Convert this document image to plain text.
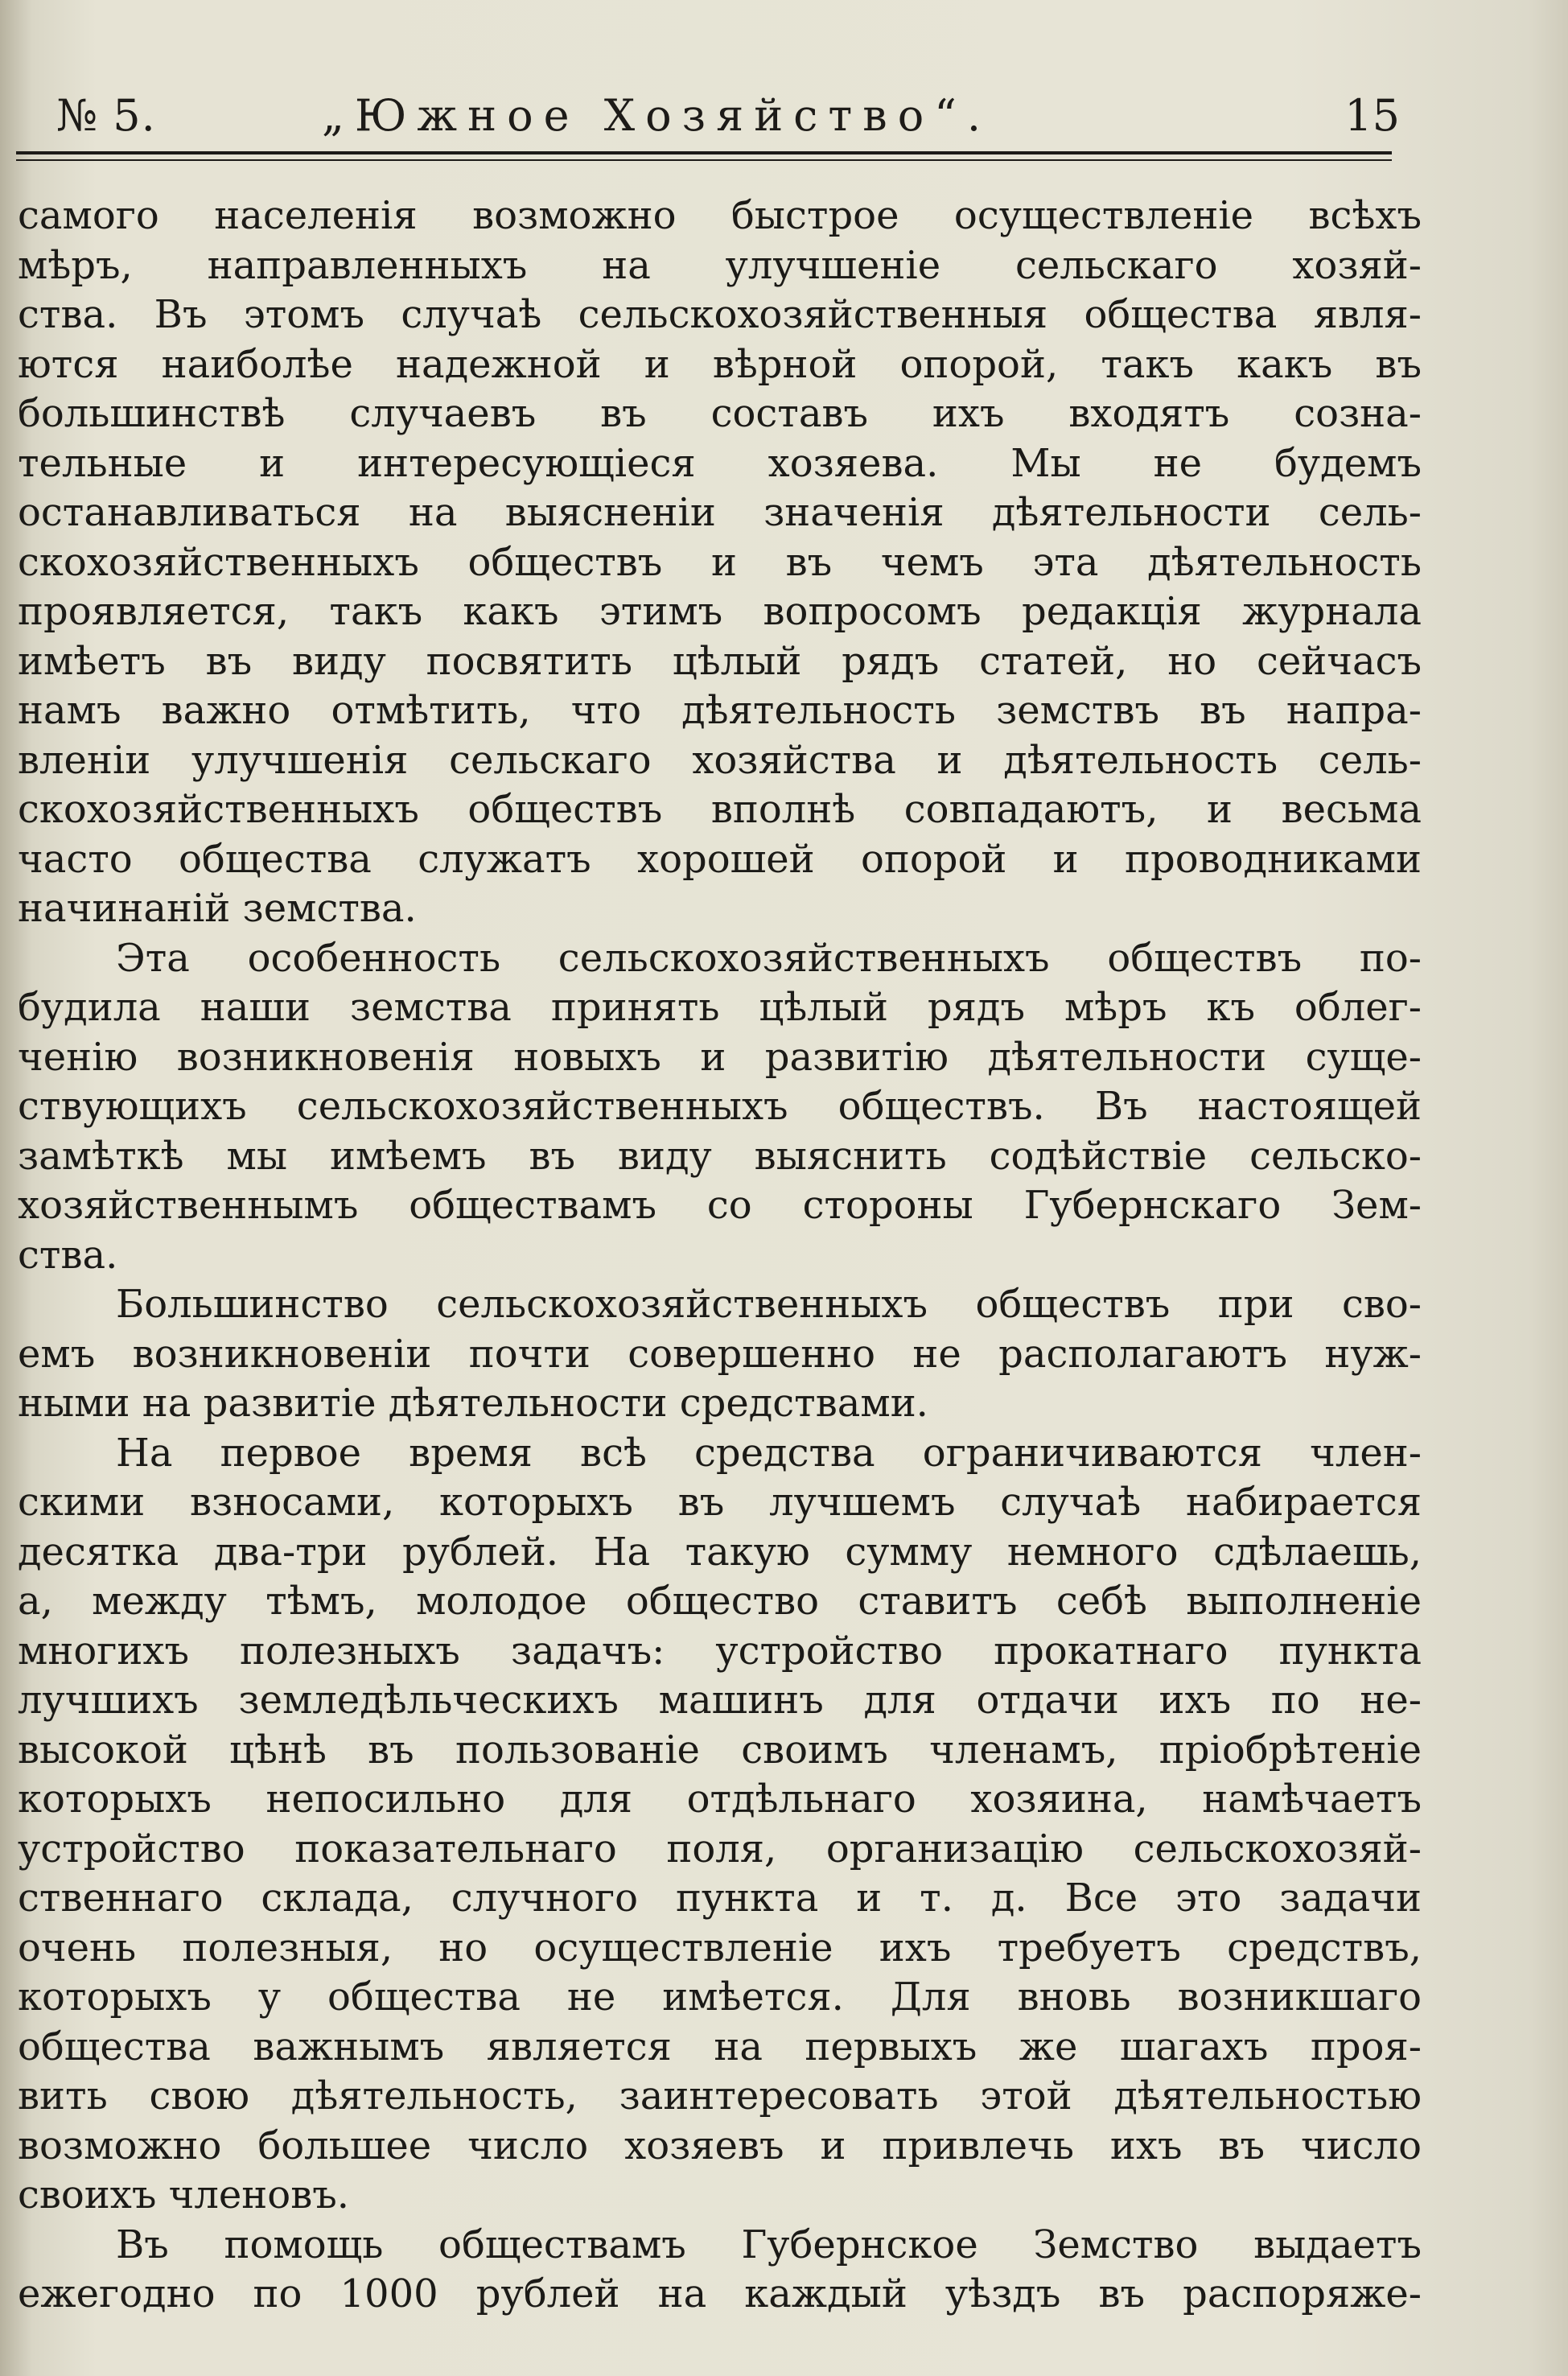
№ 5.	„Южное Хозяйство“.	15
самого населенія возможно быстрое осуществленіе всѣхъ
мѣръ, направленныхъ на улучшеніе сельскаго хозяй-
ства. Въ этомъ случаѣ сельскохозяйственныя общества явля-
ются наиболѣе надежной и вѣрной опорой, такъ какъ въ
большинствѣ случаевъ въ составъ ихъ входятъ созна-
тельные и интересующіеся хозяева. Мы не будемъ
останавливаться на выясненіи значенія дѣятельности сель-
скохозяйственныхъ обществъ и въ чемъ эта дѣятельность
проявляется, такъ какъ этимъ вопросомъ редакція журнала
имѣетъ въ виду посвятить цѣлый рядъ статей, но сейчасъ
намъ важно отмѣтить, что дѣятельность земствъ въ напра-
вленіи улучшенія сельскаго хозяйства и дѣятельность сель-
скохозяйственныхъ обществъ вполнѣ совпадаютъ, и весьма
часто общества служатъ хорошей опорой и проводниками
начинаній земства.
Эта особенность сельскохозяйственныхъ обществъ по-
будила наши земства принять цѣлый рядъ мѣръ къ облег-
ченію возникновенія новыхъ и развитію дѣятельности суще-
ствующихъ сельскохозяйственныхъ обществъ. Въ настоящей
замѣткѣ мы имѣемъ въ виду выяснить содѣйствіе сельско-
хозяйственнымъ обществамъ со стороны Губернскаго Зем-
ства.
Большинство сельскохозяйственныхъ обществъ при сво-
емъ возникновеніи почти совершенно не располагаютъ нуж-
ными на развитіе дѣятельности средствами.
На первое время всѣ средства ограничиваются член-
скими взносами, которыхъ въ лучшемъ случаѣ набирается
десятка два-три рублей. На такую сумму немного сдѣлаешь,
а, между тѣмъ, молодое общество ставитъ себѣ выполненіе
многихъ полезныхъ задачъ: устройство прокатнаго пункта
лучшихъ земледѣльческихъ машинъ для отдачи ихъ по не-
высокой цѣнѣ въ пользованіе своимъ членамъ, пріобрѣтеніе
которыхъ непосильно для отдѣльнаго хозяина, намѣчаетъ
устройство показательнаго поля, организацію сельскохозяй-
ственнаго склада, случного пункта и т. д. Все это задачи
очень полезныя, но осуществленіе ихъ требуетъ средствъ,
которыхъ у общества не имѣется. Для вновь возникшаго
общества важнымъ является на первыхъ же шагахъ проя-
вить свою дѣятельность, заинтересовать этой дѣятельностью
возможно большее число хозяевъ и привлечь ихъ въ число
своихъ членовъ.
Въ помощь обществамъ Губернское Земство выдаетъ
ежегодно по 1000 рублей на каждый уѣздъ въ распоряже-
